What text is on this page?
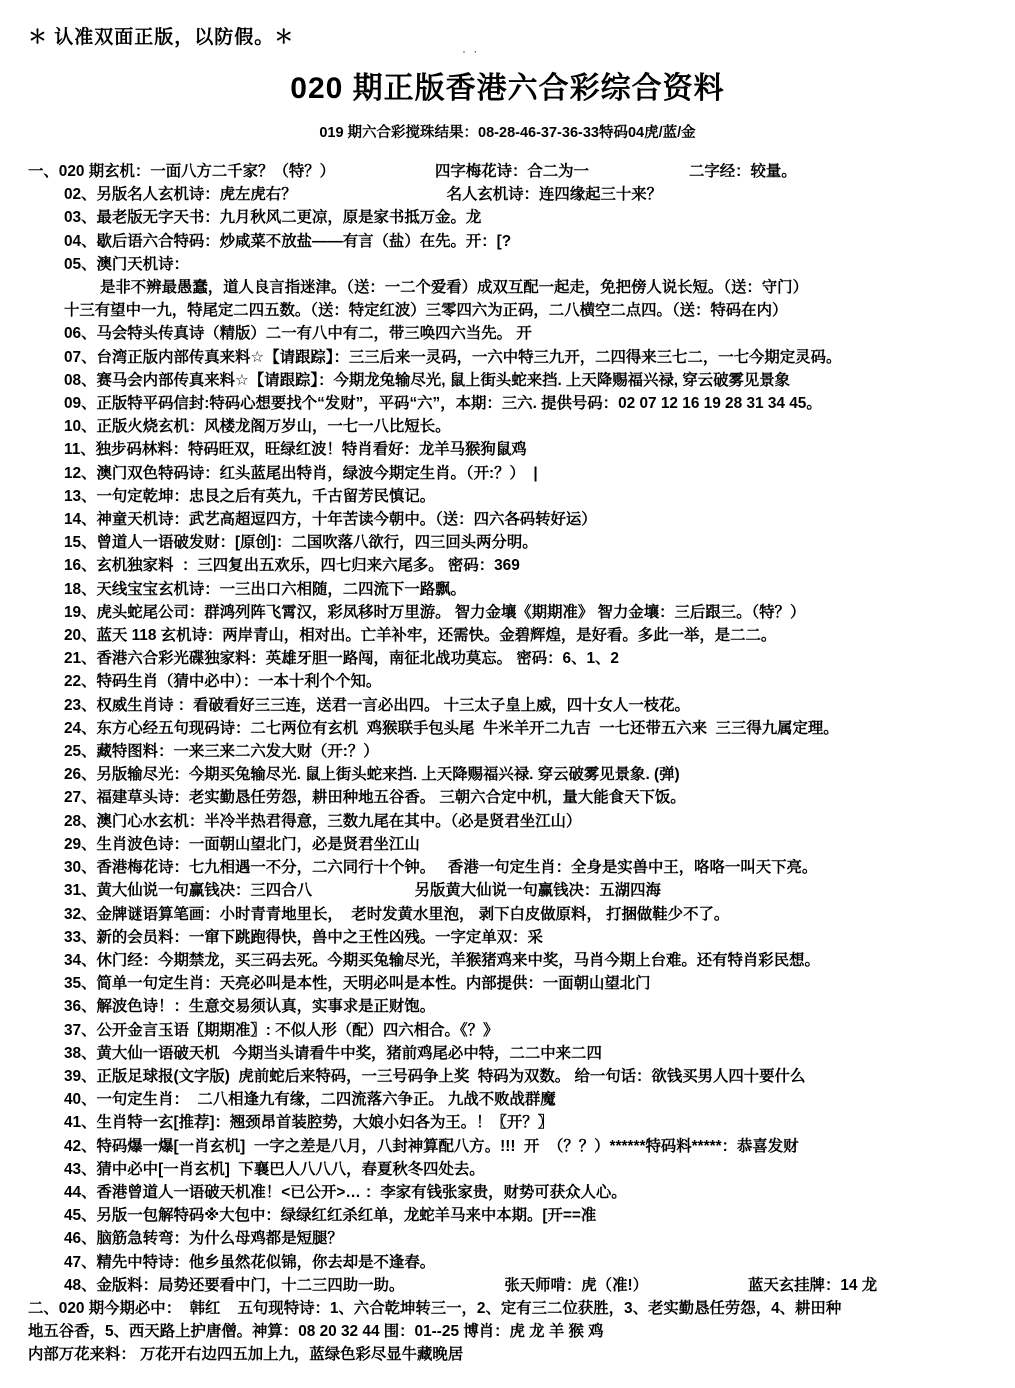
＊ 认准双面正版，以防假。＊
· ·
020 期正版香港六合彩综合资料
019 期六合彩搅珠结果：08-28-46-37-36-33特码04虎/蓝/金
一、020 期玄机：一面八方二千家？（特？）	四字梅花诗：合二为一	二字经：较量。
02、另版名人玄机诗：虎左虎右？	名人玄机诗：连四缘起三十来？
03、最老版无字天书：九月秋风二更凉，原是家书抵万金。龙
04、歇后语六合特码：炒咸菜不放盐——有言（盐）在先。开：[?
05、澳门天机诗：
是非不辨最愚蠢，道人良言指迷津。（送：一二个爱看）成双互配一起走，免把傍人说长短。（送：守门）
十三有望中一九，特尾定二四五数。（送：特定红波）三零四六为正码，二八横空二点四。（送：特码在内）
06、马会特头传真诗（精版）二一有八中有二，带三唤四六当先。 开
07、台湾正版内部传真来料☆【请跟踪】：三三后来一灵码，一六中特三九开，二四得来三七二，一七今期定灵码。
08、赛马会内部传真来料☆【请跟踪】：今期龙兔输尽光, 鼠上街头蛇来挡. 上天降赐福兴禄, 穿云破雾见景象
09、正版特平码信封:特码心想要找个“发财”，平码“六”，本期：三六. 提供号码：02 07 12 16 19 28 31 34 45。
10、正版火烧玄机：风楼龙阁万岁山，一七一八比短长。
11、独步码林料：特码旺双，旺绿红波！特肖看好：龙羊马猴狗鼠鸡
12、澳门双色特码诗：红头蓝尾出特肖，绿波今期定生肖。（开:？）  |
13、一句定乾坤：忠艮之后有英九，千古留芳民慎记。
14、神童天机诗：武艺高超逗四方，十年苦读今朝中。（送：四六各码转好运）
15、曾道人一语破发财：[原创]：二国吹落八欲行，四三回头两分明。
16、玄机独家料  ：三四复出五欢乐，四七归来六尾多。 密码：369
18、天线宝宝玄机诗：一三出口六相随，二四流下一路飘。
19、虎头蛇尾公司：群鸿列阵飞霄汉，彩凤移时万里游。 智力金壤《期期准》 智力金壤：三后跟三。（特？）
20、蓝天 118 玄机诗：两岸青山，相对出。亡羊补牢，还需快。金碧辉煌，是好看。多此一举，是二二。
21、香港六合彩光碟独家料：英雄牙胆一路闯，南征北战功莫忘。 密码：6、1、2
22、特码生肖（猜中必中）：一本十利个个知。
23、权威生肖诗 ：看破看好三三连，送君一言必出四。 十三太子皇上威，四十女人一枝花。
24、东方心经五句现码诗：二七两位有玄机  鸡猴联手包头尾  牛米羊开二九吉  一七还带五六来  三三得九属定理。
25、藏特图料：一来三来二六发大财（开:？）
26、另版输尽光：今期买兔输尽光. 鼠上街头蛇来挡. 上天降赐福兴禄. 穿云破雾见景象. (弹)
27、福建草头诗：老实勤恳任劳怨，耕田种地五谷香。 三朝六合定中机，量大能食天下饭。
28、澳门心水玄机：半冷半热君得意，三数九尾在其中。（必是贤君坐江山）
29、生肖波色诗：一面朝山望北门，必是贤君坐江山
30、香港梅花诗：七九相遇一不分，二六同行十个钟。   香港一句定生肖：全身是实兽中王，咯咯一叫天下亮。
31、黄大仙说一句赢钱决：三四合八                        另版黄大仙说一句赢钱决：五湖四海
32、金牌谜语算笔画：小时青青地里长，  老时发黄水里泡， 剥下白皮做原料， 打捆做鞋少不了。
33、新的会员料：一窜下跳跑得快，兽中之王性凶残。一字定单双：采
34、休门经：今期禁龙，买三码去死。今期买兔输尽光，羊猴猪鸡来中奖，马肖今期上台难。还有特肖彩民想。
35、简单一句定生肖：天亮必叫是本性，天明必叫是本性。内部提供：一面朝山望北门
36、解波色诗！：生意交易须认真，实事求是正财饱。
37、公开金言玉语〖期期准〗: 不似人形（配）四六相合。《？》
38、黄大仙一语破天机   今期当头请看牛中奖，猪前鸡尾必中特，二二中来二四
39、正版足球报(文字版)  虎前蛇后来特码，一三号码争上奖  特码为双数。 给一句话：欲钱买男人四十要什么
40、一句定生肖：  二八相逢九有缘，二四流落六争正。 九战不败战群魔
41、生肖特一玄[推荐]：翘颈昂首装腔势，大娘小妇各为王。！〖开？〗
42、特码爆一爆[一肖玄机]  一字之差是八月，八封神算配八方。!!!  开  （？？）******特码料*****：恭喜发财
43、猜中必中[一肖玄机]  下襄巴人八八八，春夏秋冬四处去。
44、香港曾道人一语破天机准！<已公开>… ：李家有钱张家贵，财势可获众人心。
45、另版一包解特码※大包中：绿绿红红杀红单，龙蛇羊马来中本期。[开==准
46、脑筋急转弯：为什么母鸡都是短腿？
47、精先中特诗：他乡虽然花似锦，你去却是不逢春。
48、金版料：局势还要看中门，十二三四助一助。	张天师啃：虎（准!）	蓝天玄挂牌：14 龙
二、020 期今期必中：  韩红    五句现特诗：1、六合乾坤转三一，2、定有三二位获胜，3、老实勤恳任劳怨，4、耕田种
地五谷香，5、西天路上护唐僧。神算：08 20 32 44 围：01--25 博肖：虎 龙 羊 猴 鸡
内部万花来料： 万花开右边四五加上九，蓝绿色彩尽显牛藏晚居
